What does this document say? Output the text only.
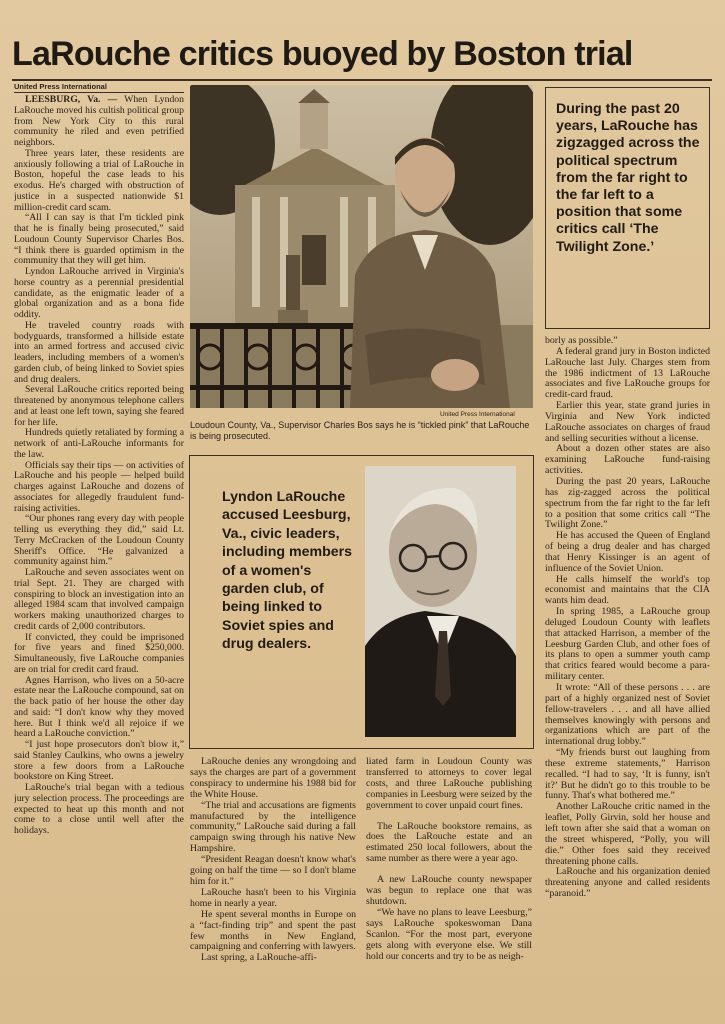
LaRouche critics buoyed by Boston trial
United Press International

LEESBURG, Va. — When Lyndon LaRouche moved his cultish political group from New York City to this rural community he riled and even petrified neighbors.

Three years later, these residents are anxiously following a trial of LaRouche in Boston, hopeful the case leads to his exodus. He's charged with obstruction of justice in a suspected nationwide $1 million-credit card scam.

“All I can say is that I'm tickled pink that he is finally being prosecuted,” said Loudoun County Supervisor Charles Bos. “I think there is guarded optimism in the community that they will get him.

Lyndon LaRouche arrived in Virginia's horse country as a perennial presidential candidate, as the enigmatic leader of a global organization and as a bona fide oddity.

He traveled country roads with bodyguards, transformed a hillside estate into an armed fortress and accused civic leaders, including members of a women's garden club, of being linked to Soviet spies and drug dealers.

Several LaRouche critics reported being threatened by anonymous telephone callers and at least one left town, saying she feared for her life.

Hundreds quietly retaliated by forming a network of anti-LaRouche informants for the law.

Officials say their tips — on activities of LaRouche and his people — helped build charges against LaRouche and dozens of associates for allegedly fraudulent fund-raising activities.

“Our phones rang every day with people telling us everything they did,” said Lt. Terry McCracken of the Loudoun County Sheriff's Office. “He galvanized a community against him.”

LaRouche and seven associates went on trial Sept. 21. They are charged with conspiring to block an investigation into an alleged 1984 scam that involved campaign workers making unauthorized charges to credit cards of 2,000 contributors.

If convicted, they could be imprisoned for five years and fined $250,000. Simultaneously, five LaRouche companies are on trial for credit card fraud.

Agnes Harrison, who lives on a 50-acre estate near the LaRouche compound, sat on the back patio of her house the other day and said: “I don't know why they moved here. But I think we'd all rejoice if we heard a LaRouche conviction.”

“I just hope prosecutors don't blow it,” said Stanley Caulkins, who owns a jewelry store a few doors from a LaRouche bookstore on King Street.

LaRouche's trial began with a tedious jury selection process. The proceedings are expected to heat up this month and not come to a close until well after the holidays.

United Press International
Loudoun County, Va., Supervisor Charles Bos says he is “tickled pink” that LaRouche is being prosecuted.
During the past 20 years, LaRouche has zigzagged across the political spectrum from the far right to the far left to a position that some critics call ‘The Twilight Zone.’
Lyndon LaRouche accused Leesburg, Va., civic leaders, including members of a women's garden club, of being linked to Soviet spies and drug dealers.

LaRouche denies any wrongdoing and says the charges are part of a government conspiracy to undermine his 1988 bid for the White House.

“The trial and accusations are figments manufactured by the intelligence community,” LaRouche said during a fall campaign swing through his native New Hampshire.

“President Reagan doesn't know what's going on half the time — so I don't blame him for it.”

LaRouche hasn't been to his Virginia home in nearly a year.

He spent several months in Europe on a “fact-finding trip” and spent the past few months in New England, campaigning and conferring with lawyers.

Last spring, a LaRouche-affi-

liated farm in Loudoun County was transferred to attorneys to cover legal costs, and three LaRouche publishing companies in Leesburg were seized by the government to cover unpaid court fines.

The LaRouche bookstore remains, as does the LaRouche estate and an estimated 250 local followers, about the same number as there were a year ago.

A new LaRouche county newspaper was begun to replace one that was shutdown.

“We have no plans to leave Leesburg,” says LaRouche spokeswoman Dana Scanlon. “For the most part, everyone gets along with everyone else. We still hold our concerts and try to be as neigh-

borly as possible.”

A federal grand jury in Boston indicted LaRouche last July. Charges stem from the 1986 indictment of 13 LaRouche associates and five LaRouche groups for credit-card fraud.

Earlier this year, state grand juries in Virginia and New York indicted LaRouche associates on charges of fraud and selling securities without a license.

About a dozen other states are also examining LaRouche fund-raising activities.

During the past 20 years, LaRouche has zig-zagged across the political spectrum from the far right to the far left to a position that some critics call “The Twilight Zone.”

He has accused the Queen of England of being a drug dealer and has charged that Henry Kissinger is an agent of influence of the Soviet Union.

He calls himself the world's top economist and maintains that the CIA wants him dead.

In spring 1985, a LaRouche group deluged Loudoun County with leaflets that attacked Harrison, a member of the Leesburg Garden Club, and other foes of its plans to open a summer youth camp that critics feared would become a para-military center.

It wrote: “All of these persons . . . are part of a highly organized nest of Soviet fellow-travelers . . . and all have allied themselves knowingly with persons and organizations which are part of the international drug lobby.”

“My friends burst out laughing from these extreme statements,” Harrison recalled. “I had to say, ‘It is funny, isn't it?’ But he didn't go to this trouble to be funny. That's what bothered me.”

Another LaRouche critic named in the leaflet, Polly Girvin, sold her house and left town after she said that a woman on the street whispered, “Polly, you will die.” Other foes said they received threatening phone calls.

LaRouche and his organization denied threatening anyone and called residents “paranoid.”
